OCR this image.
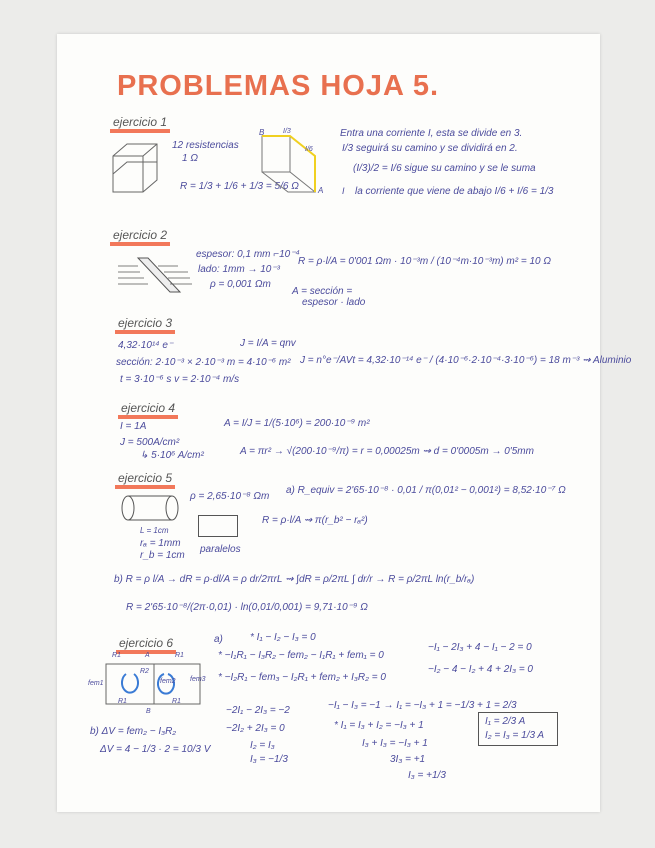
PROBLEMAS HOJA 5.
ejercicio 1
12 resistencias
1 Ω
R = 1/3 + 1/6 + 1/3 = 5/6 Ω
B	I/3
I/6
A I
Entra una corriente I, esta se divide en 3.
I/3 seguirá su camino y se dividirá en 2.
(I/3)/2 = I/6 sigue su camino y se le suma
la corriente que viene de abajo I/6 + I/6 = 1/3
ejercicio 2
espesor: 0,1 mm ⌐10⁻⁴
lado: 1mm → 10⁻³
ρ = 0,001 Ωm
R = ρ·l/A = 0'001 Ωm · 10⁻³m / (10⁻⁴m·10⁻³m) m² = 10 Ω
A = sección =
espesor · lado
ejercicio 3
4,32·10¹⁴ e⁻
sección: 2·10⁻³ × 2·10⁻³ m = 4·10⁻⁶ m²
t = 3·10⁻⁶ s v = 2·10⁻⁴ m/s
J = I/A = qnv
J = n°e⁻/AVt = 4,32·10⁻¹⁴ e⁻ / (4·10⁻⁶·2·10⁻⁴·3·10⁻⁶) = 18 m⁻³ ⇝ Aluminio
ejercicio 4
I = 1A
J = 500A/cm²
↳ 5·10⁶ A/cm²
A = I/J = 1/(5·10⁶) = 200·10⁻⁹ m²
A = πr² → √(200·10⁻⁹/π) = r = 0,00025m ⇝ d = 0'0005m → 0'5mm
ejercicio 5
L = 1cm
rₐ = 1mm
r_b = 1cm
ρ = 2,65·10⁻⁸ Ωm
paralelos
a) R_equiv = 2'65·10⁻⁸ · 0,01 / π(0,01² − 0,001²) = 8,52·10⁻⁷ Ω
R = ρ·l/A ⇝ π(r_b² − rₐ²)
b) R = ρ l/A → dR = ρ·dl/A = ρ dr/2πrL ⇝ ∫dR = ρ/2πL ∫ dr/r → R = ρ/2πL ln(r_b/rₐ)
R = 2'65·10⁻⁸/(2π·0,01) · ln(0,01/0,001) = 9,71·10⁻⁹ Ω
ejercicio 6
R1	A	R1
R2
fem2
fem1
fem3
R1
B
R1
b) ΔV = fem₂ − I₃R₂
ΔV = 4 − 1/3 · 2 = 10/3 V
a)	* I₁ − I₂ − I₃ = 0
* −I₁R₁ − I₃R₂ − fem₂ − I₁R₁ + fem₁ = 0
* −I₂R₁ − fem₃ − I₂R₁ + fem₂ + I₃R₂ = 0
−I₁ − 2I₃ + 4 − I₁ − 2 = 0
−I₂ − 4 − I₂ + 4 + 2I₃ = 0
−2I₁ − 2I₃ = −2
−2I₂ + 2I₃ = 0
I₂ = I₃
I₃ = −1/3
−I₁ − I₃ = −1 → I₁ = −I₃ + 1 = −1/3 + 1 = 2/3
* I₁ = I₃ + I₂ = −I₃ + 1
I₃ + I₃ = −I₃ + 1
3I₃ = +1
I₃ = +1/3
I₁ = 2/3 A
I₂ = I₃ = 1/3 A
